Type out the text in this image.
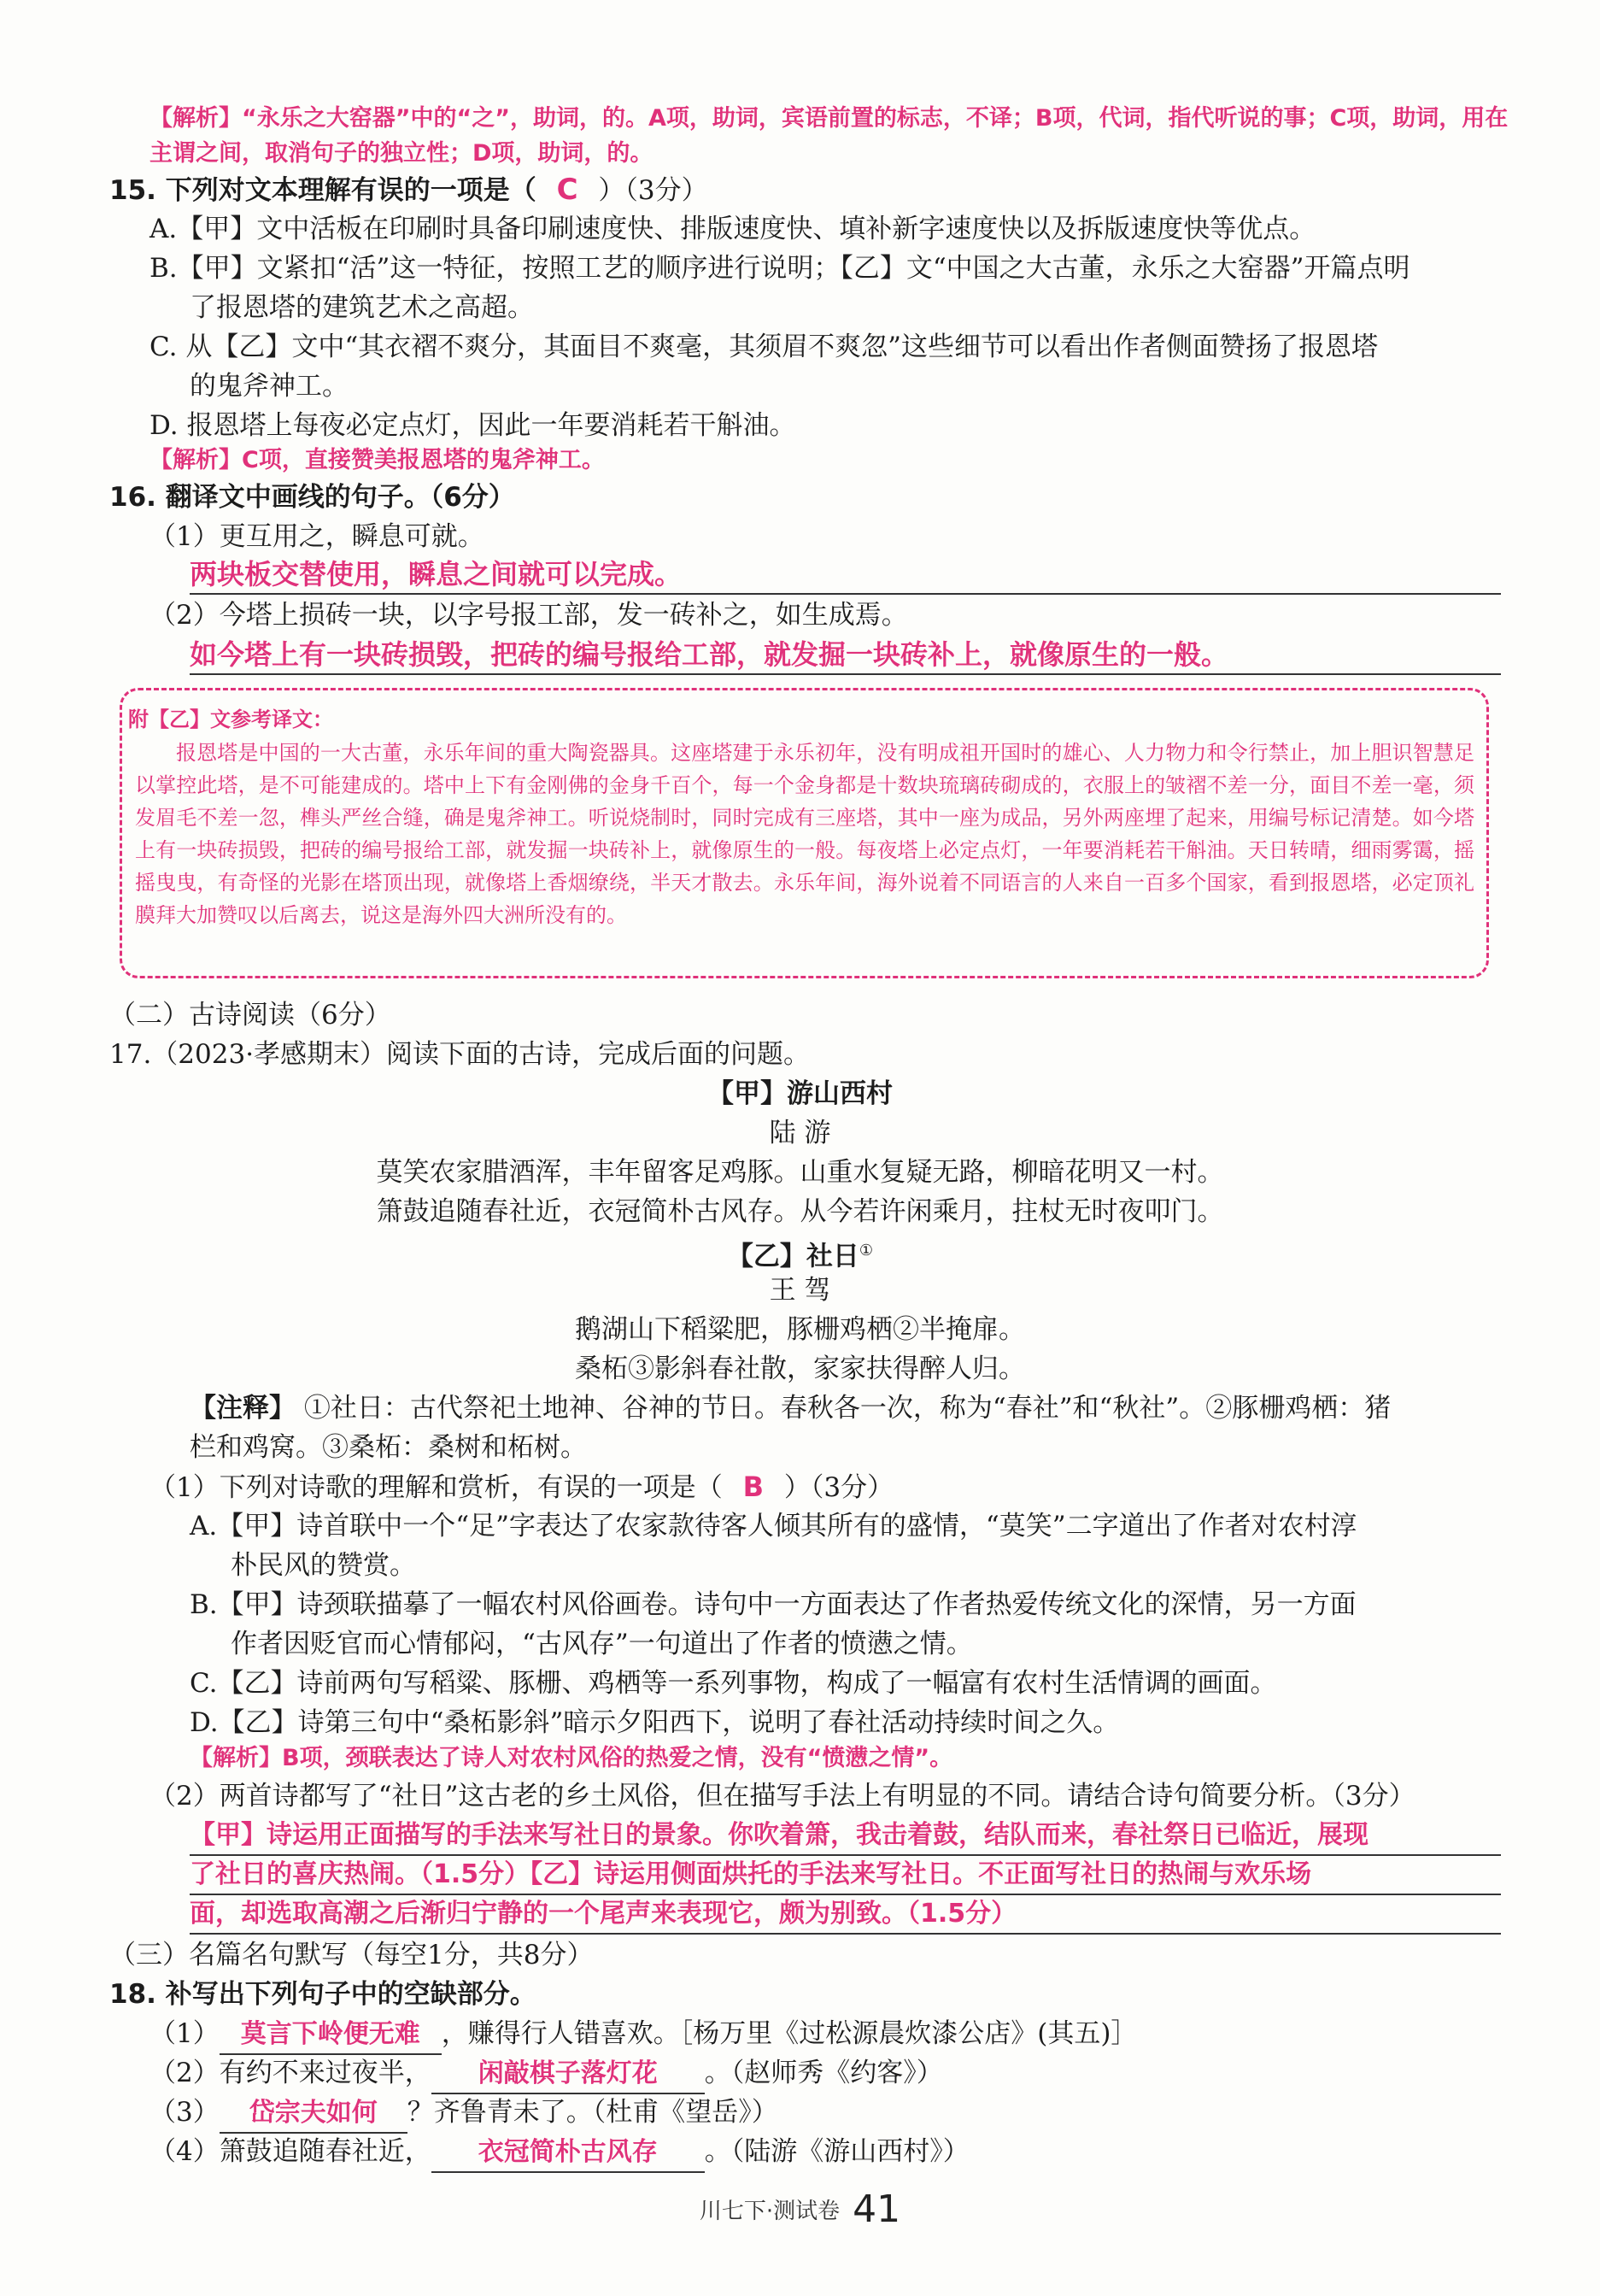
【解析】“永乐之大窑器”中的“之”，助词，的。A项，助词，宾语前置的标志，不译；B项，代词，指代听说的事；C项，助词，用在
主谓之间，取消句子的独立性；D项，助词，的。
15. 下列对文本理解有误的一项是（ C ）（3分）
A.【甲】文中活板在印刷时具备印刷速度快、排版速度快、填补新字速度快以及拆版速度快等优点。
B.【甲】文紧扣“活”这一特征，按照工艺的顺序进行说明；【乙】文“中国之大古董，永乐之大窑器”开篇点明
了报恩塔的建筑艺术之高超。
C. 从【乙】文中“其衣褶不爽分，其面目不爽毫，其须眉不爽忽”这些细节可以看出作者侧面赞扬了报恩塔
的鬼斧神工。
D. 报恩塔上每夜必定点灯，因此一年要消耗若干斛油。
【解析】C项，直接赞美报恩塔的鬼斧神工。
16. 翻译文中画线的句子。（6分）
（1）更互用之，瞬息可就。
两块板交替使用，瞬息之间就可以完成。
（2）今塔上损砖一块，以字号报工部，发一砖补之，如生成焉。
如今塔上有一块砖损毁，把砖的编号报给工部，就发掘一块砖补上，就像原生的一般。
附【乙】文参考译文：
报恩塔是中国的一大古董，永乐年间的重大陶瓷器具。这座塔建于永乐初年，没有明成祖开国时的雄心、人力物力和令行禁止，加上胆识智慧足以掌控此塔，是不可能建成的。塔中上下有金刚佛的金身千百个，每一个金身都是十数块琉璃砖砌成的，衣服上的皱褶不差一分，面目不差一毫，须发眉毛不差一忽，榫头严丝合缝，确是鬼斧神工。听说烧制时，同时完成有三座塔，其中一座为成品，另外两座埋了起来，用编号标记清楚。如今塔上有一块砖损毁，把砖的编号报给工部，就发掘一块砖补上，就像原生的一般。每夜塔上必定点灯，一年要消耗若干斛油。天日转晴，细雨雾霭，摇摇曳曳，有奇怪的光影在塔顶出现，就像塔上香烟缭绕，半天才散去。永乐年间，海外说着不同语言的人来自一百多个国家，看到报恩塔，必定顶礼膜拜大加赞叹以后离去，说这是海外四大洲所没有的。
（二）古诗阅读（6分）
17.（2023·孝感期末）阅读下面的古诗，完成后面的问题。
【甲】游山西村
陆 游
莫笑农家腊酒浑，丰年留客足鸡豚。山重水复疑无路，柳暗花明又一村。
箫鼓追随春社近，衣冠简朴古风存。从今若许闲乘月，拄杖无时夜叩门。
【乙】社日①
王 驾
鹅湖山下稻粱肥，豚栅鸡栖②半掩扉。
桑柘③影斜春社散，家家扶得醉人归。
【注释】 ①社日：古代祭祀土地神、谷神的节日。春秋各一次，称为“春社”和“秋社”。②豚栅鸡栖：猪
栏和鸡窝。③桑柘：桑树和柘树。
（1）下列对诗歌的理解和赏析，有误的一项是（ B ）（3分）
A.【甲】诗首联中一个“足”字表达了农家款待客人倾其所有的盛情，“莫笑”二字道出了作者对农村淳
朴民风的赞赏。
B.【甲】诗颈联描摹了一幅农村风俗画卷。诗句中一方面表达了作者热爱传统文化的深情，另一方面
作者因贬官而心情郁闷，“古风存”一句道出了作者的愤懑之情。
C.【乙】诗前两句写稻粱、豚栅、鸡栖等一系列事物，构成了一幅富有农村生活情调的画面。
D.【乙】诗第三句中“桑柘影斜”暗示夕阳西下，说明了春社活动持续时间之久。
【解析】B项，颈联表达了诗人对农村风俗的热爱之情，没有“愤懑之情”。
（2）两首诗都写了“社日”这古老的乡土风俗，但在描写手法上有明显的不同。请结合诗句简要分析。（3分）
【甲】诗运用正面描写的手法来写社日的景象。你吹着箫，我击着鼓，结队而来，春社祭日已临近，展现
了社日的喜庆热闹。（1.5分）【乙】诗运用侧面烘托的手法来写社日。不正面写社日的热闹与欢乐场
面，却选取高潮之后渐归宁静的一个尾声来表现它，颇为别致。（1.5分）
（三）名篇名句默写（每空1分，共8分）
18. 补写出下列句子中的空缺部分。
（1） 莫言下岭便无难 ，赚得行人错喜欢。［杨万里《过松源晨炊漆公店》(其五)］
（2）有约不来过夜半， 闲敲棋子落灯花 。（赵师秀《约客》）
（3） 岱宗夫如何 ？齐鲁青未了。（杜甫《望岳》）
（4）箫鼓追随春社近， 衣冠简朴古风存 。（陆游《游山西村》）
川七下·测试卷 41
